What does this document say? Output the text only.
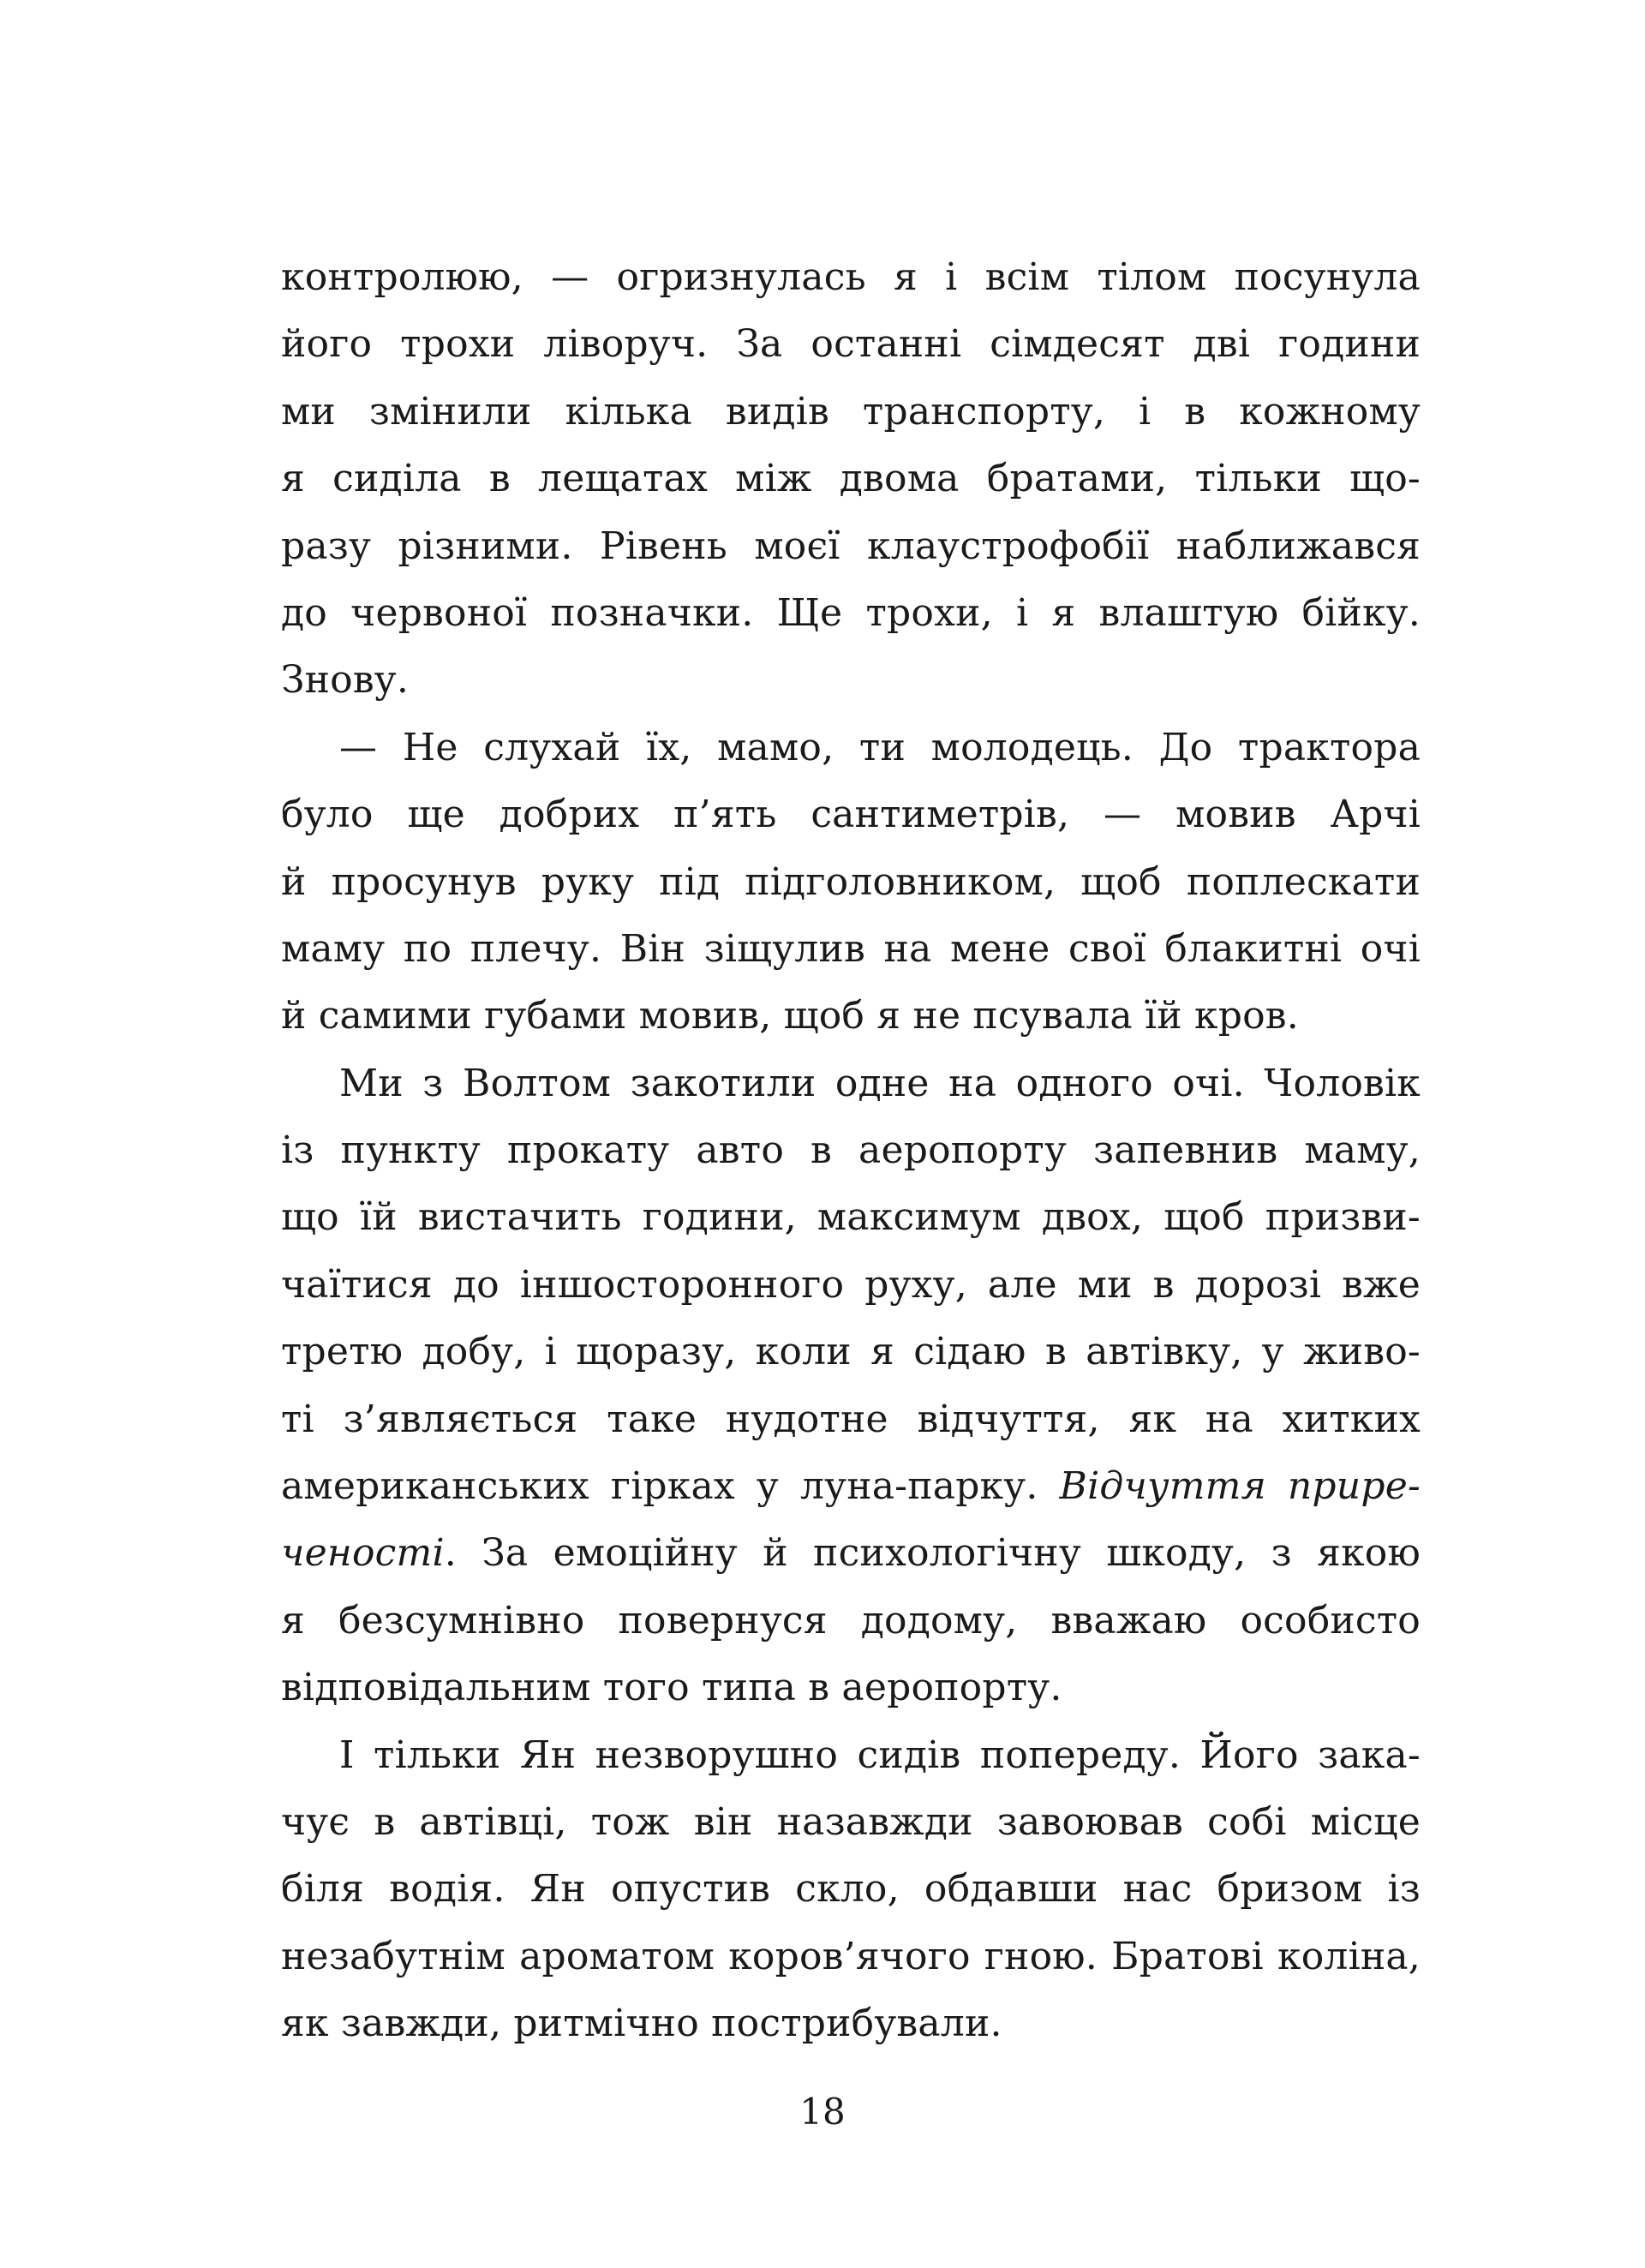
контролюю, — огризнулась я і всім тілом посунула
його трохи ліворуч. За останні сімдесят дві години
ми змінили кілька видів транспорту, і в кожному
я сиділа в лещатах між двома братами, тільки що-
разу різними. Рівень моєї клаустрофобії наближався
до червоної позначки. Ще трохи, і я влаштую бійку.
Знову.
— Не слухай їх, мамо, ти молодець. До трактора
було ще добрих п’ять сантиметрів, — мовив Арчі
й просунув руку під підголовником, щоб поплескати
маму по плечу. Він зіщулив на мене свої блакитні очі
й самими губами мовив, щоб я не псувала їй кров.
Ми з Волтом закотили одне на одного очі. Чоловік
із пункту прокату авто в аеропорту запевнив маму,
що їй вистачить години, максимум двох, щоб призви-
чаїтися до іншосторонного руху, але ми в дорозі вже
третю добу, і щоразу, коли я сідаю в автівку, у живо-
ті з’являється таке нудотне відчуття, як на хитких
американських гірках у луна-парку. Відчуття прире-
ченості. За емоційну й психологічну шкоду, з якою
я безсумнівно повернуся додому, вважаю особисто
відповідальним того типа в аеропорту.
І тільки Ян незворушно сидів попереду. Його зака-
чує в автівці, тож він назавжди завоював собі місце
біля водія. Ян опустив скло, обдавши нас бризом із
незабутнім ароматом коров’ячого гною. Братові коліна,
як завжди, ритмічно пострибували.
18
